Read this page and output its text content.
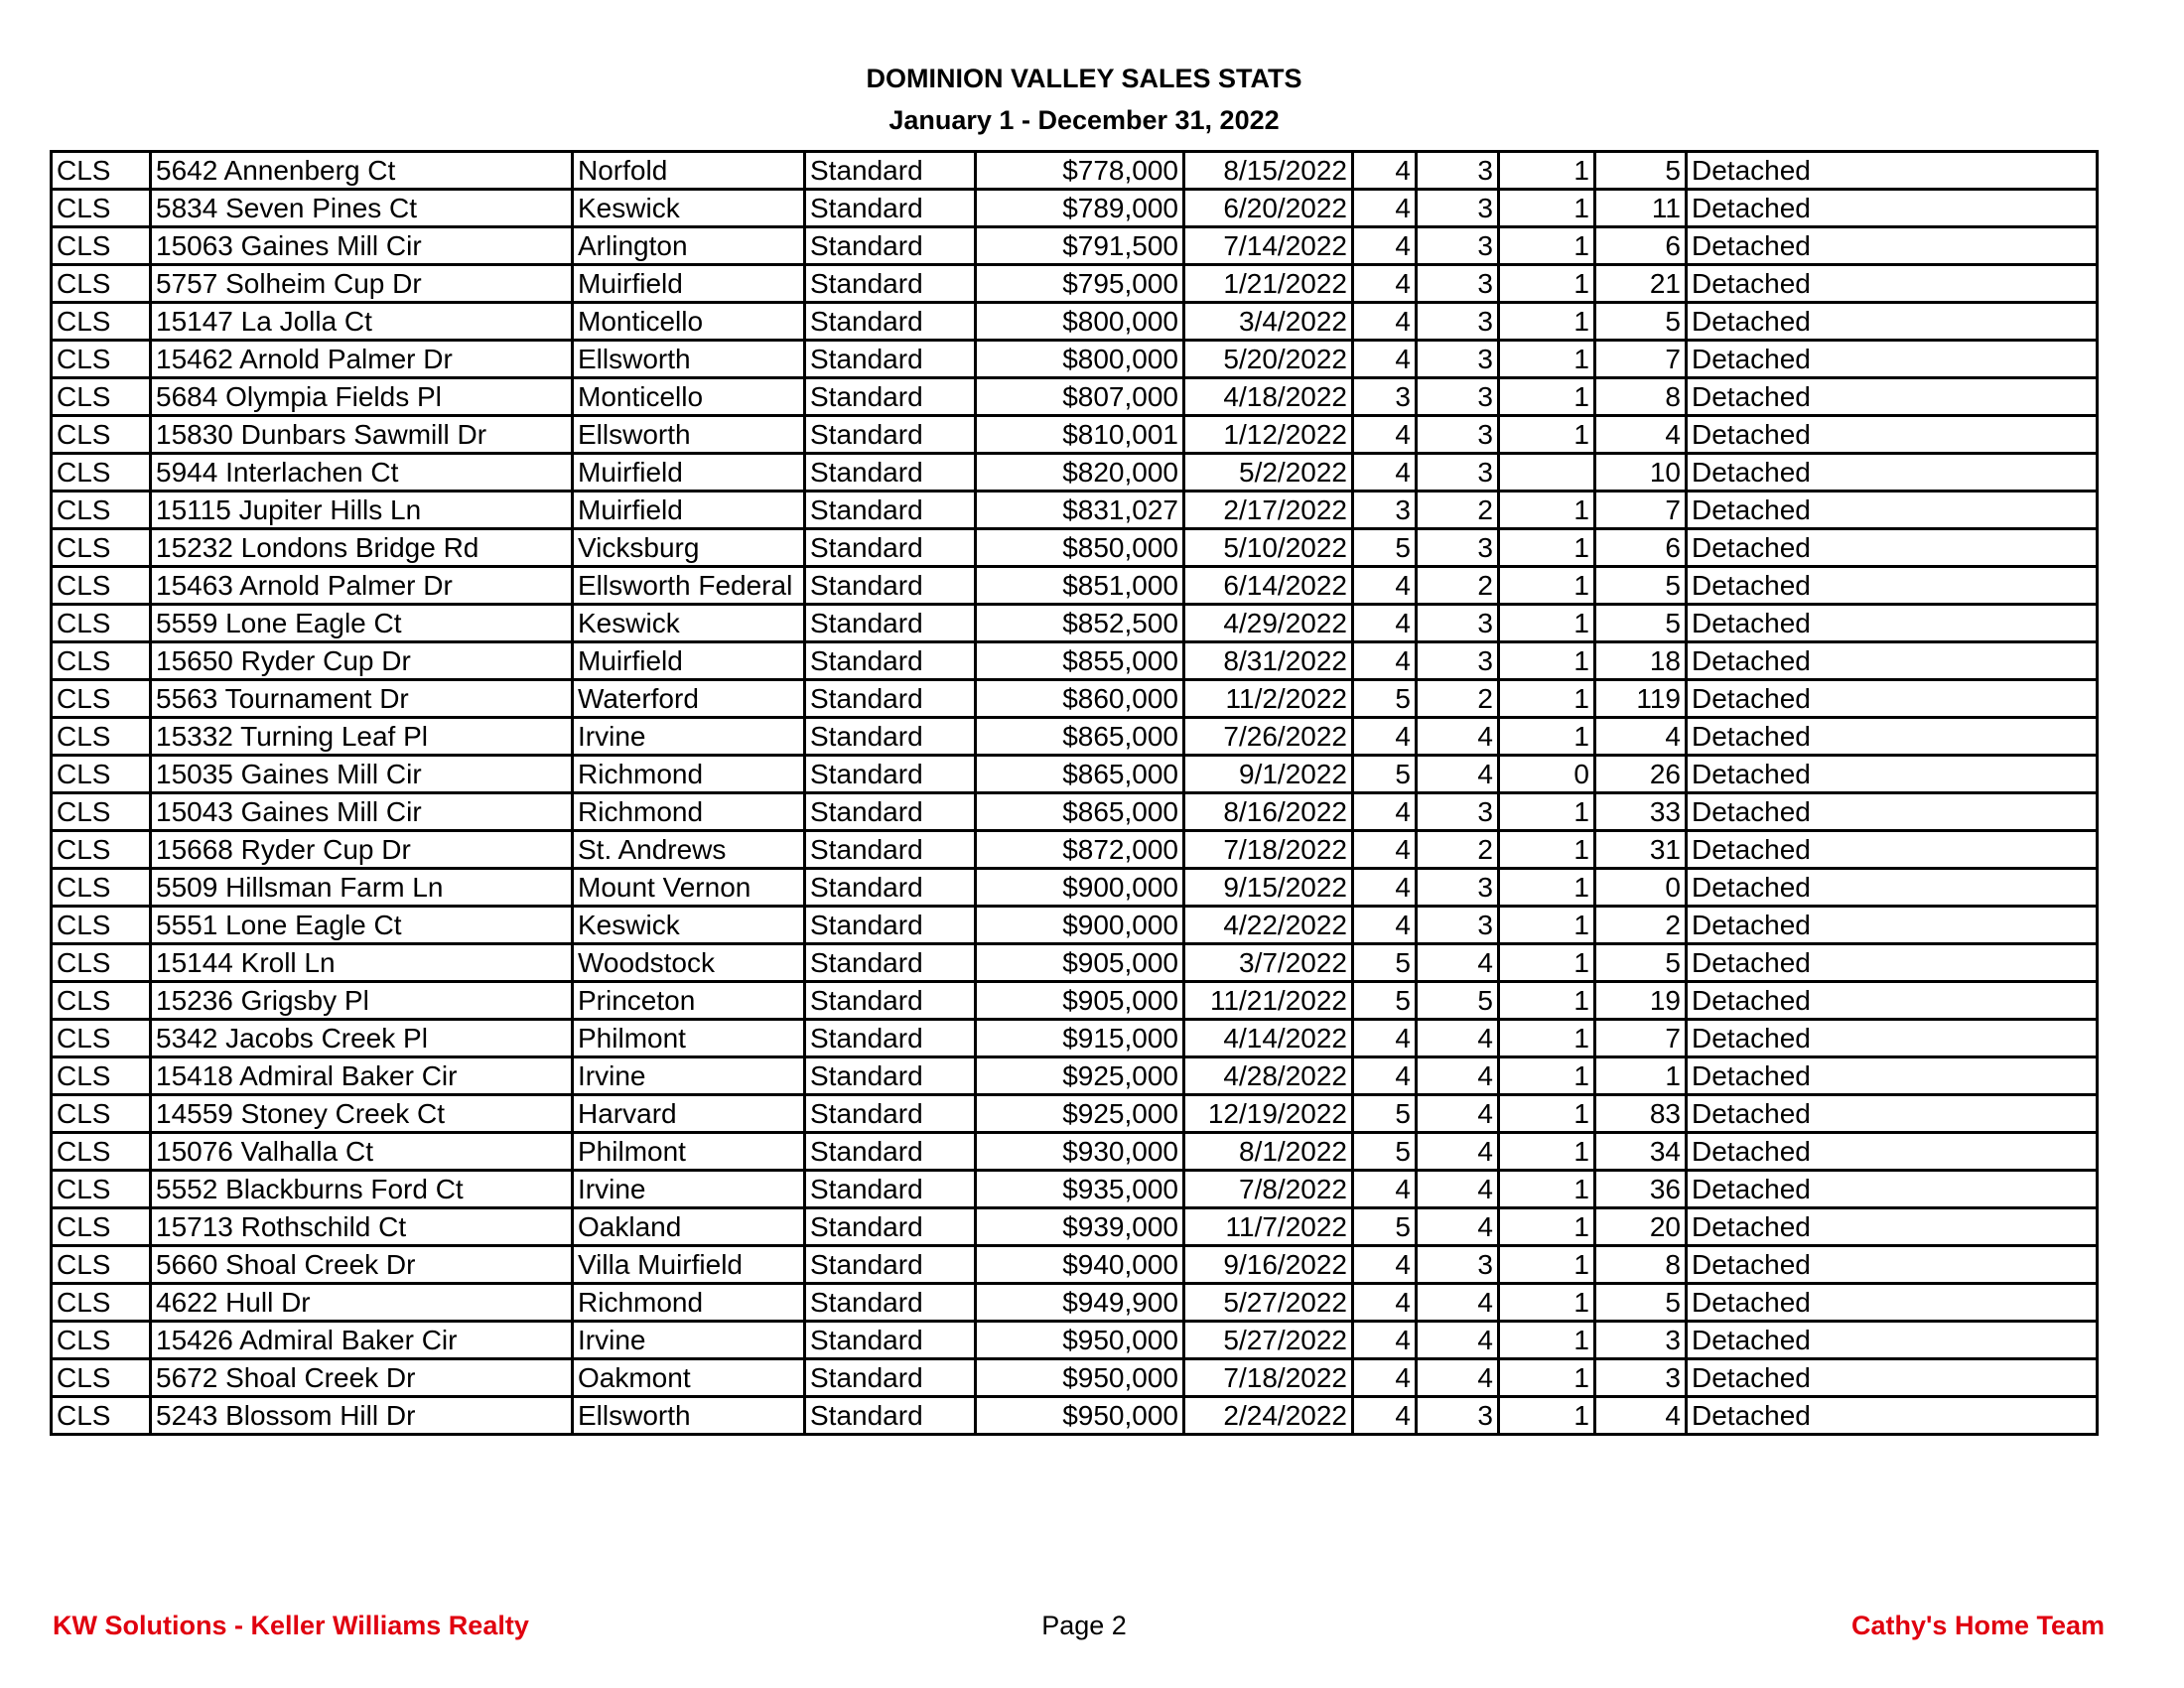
DOMINION VALLEY SALES STATS
January 1 - December 31, 2022
CLS	5642 Annenberg Ct	Norfold	Standard	$778,000	8/15/2022	4	3	1	5	Detached
CLS	5834 Seven Pines Ct	Keswick	Standard	$789,000	6/20/2022	4	3	1	11	Detached
CLS	15063 Gaines Mill Cir	Arlington	Standard	$791,500	7/14/2022	4	3	1	6	Detached
CLS	5757 Solheim Cup Dr	Muirfield	Standard	$795,000	1/21/2022	4	3	1	21	Detached
CLS	15147 La Jolla Ct	Monticello	Standard	$800,000	3/4/2022	4	3	1	5	Detached
CLS	15462 Arnold Palmer Dr	Ellsworth	Standard	$800,000	5/20/2022	4	3	1	7	Detached
CLS	5684 Olympia Fields Pl	Monticello	Standard	$807,000	4/18/2022	3	3	1	8	Detached
CLS	15830 Dunbars Sawmill Dr	Ellsworth	Standard	$810,001	1/12/2022	4	3	1	4	Detached
CLS	5944 Interlachen Ct	Muirfield	Standard	$820,000	5/2/2022	4	3		10	Detached
CLS	15115 Jupiter Hills Ln	Muirfield	Standard	$831,027	2/17/2022	3	2	1	7	Detached
CLS	15232 Londons Bridge Rd	Vicksburg	Standard	$850,000	5/10/2022	5	3	1	6	Detached
CLS	15463 Arnold Palmer Dr	Ellsworth Federal	Standard	$851,000	6/14/2022	4	2	1	5	Detached
CLS	5559 Lone Eagle Ct	Keswick	Standard	$852,500	4/29/2022	4	3	1	5	Detached
CLS	15650 Ryder Cup Dr	Muirfield	Standard	$855,000	8/31/2022	4	3	1	18	Detached
CLS	5563 Tournament Dr	Waterford	Standard	$860,000	11/2/2022	5	2	1	119	Detached
CLS	15332 Turning Leaf Pl	Irvine	Standard	$865,000	7/26/2022	4	4	1	4	Detached
CLS	15035 Gaines Mill Cir	Richmond	Standard	$865,000	9/1/2022	5	4	0	26	Detached
CLS	15043 Gaines Mill Cir	Richmond	Standard	$865,000	8/16/2022	4	3	1	33	Detached
CLS	15668 Ryder Cup Dr	St. Andrews	Standard	$872,000	7/18/2022	4	2	1	31	Detached
CLS	5509 Hillsman Farm Ln	Mount Vernon	Standard	$900,000	9/15/2022	4	3	1	0	Detached
CLS	5551 Lone Eagle Ct	Keswick	Standard	$900,000	4/22/2022	4	3	1	2	Detached
CLS	15144 Kroll Ln	Woodstock	Standard	$905,000	3/7/2022	5	4	1	5	Detached
CLS	15236 Grigsby Pl	Princeton	Standard	$905,000	11/21/2022	5	5	1	19	Detached
CLS	5342 Jacobs Creek Pl	Philmont	Standard	$915,000	4/14/2022	4	4	1	7	Detached
CLS	15418 Admiral Baker Cir	Irvine	Standard	$925,000	4/28/2022	4	4	1	1	Detached
CLS	14559 Stoney Creek Ct	Harvard	Standard	$925,000	12/19/2022	5	4	1	83	Detached
CLS	15076 Valhalla Ct	Philmont	Standard	$930,000	8/1/2022	5	4	1	34	Detached
CLS	5552 Blackburns Ford Ct	Irvine	Standard	$935,000	7/8/2022	4	4	1	36	Detached
CLS	15713 Rothschild Ct	Oakland	Standard	$939,000	11/7/2022	5	4	1	20	Detached
CLS	5660 Shoal Creek Dr	Villa Muirfield	Standard	$940,000	9/16/2022	4	3	1	8	Detached
CLS	4622 Hull Dr	Richmond	Standard	$949,900	5/27/2022	4	4	1	5	Detached
CLS	15426 Admiral Baker Cir	Irvine	Standard	$950,000	5/27/2022	4	4	1	3	Detached
CLS	5672 Shoal Creek Dr	Oakmont	Standard	$950,000	7/18/2022	4	4	1	3	Detached
CLS	5243 Blossom Hill Dr	Ellsworth	Standard	$950,000	2/24/2022	4	3	1	4	Detached
KW Solutions - Keller Williams Realty	Page 2	Cathy's Home Team
